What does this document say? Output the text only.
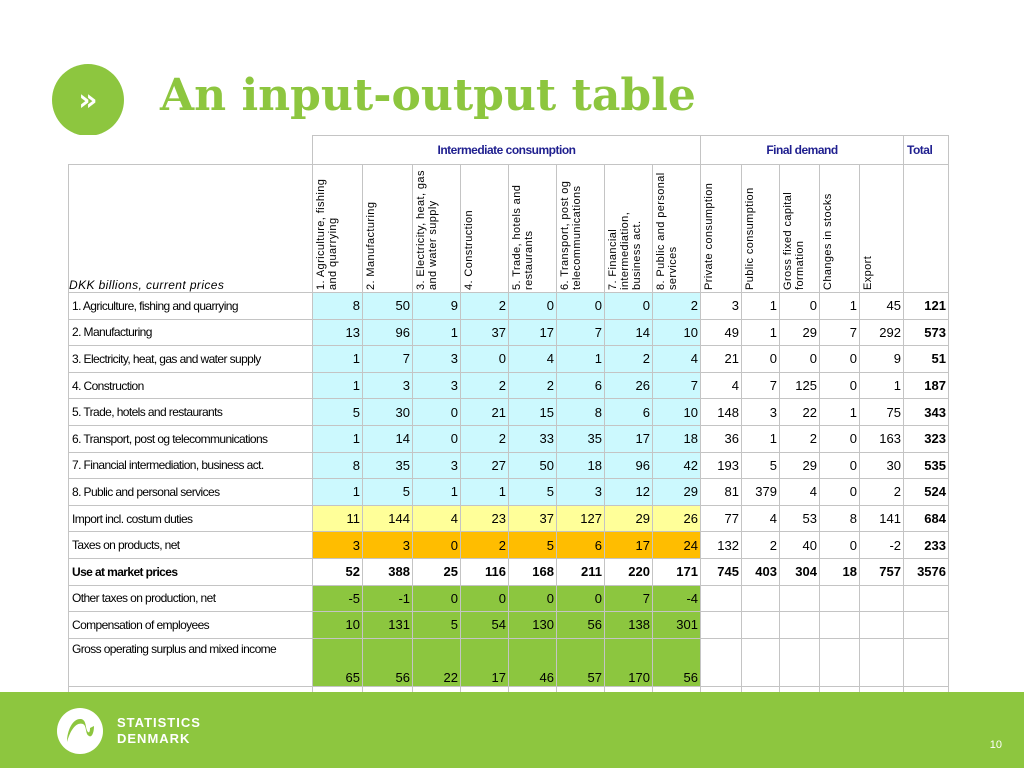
» An input-output table
	Intermediate consumption								Final demand					Total
DKK billions, current prices	1. Agriculture, fishing and quarrying	2. Manufacturing	3. Electricity, heat, gas and water supply	4. Construction	5. Trade, hotels and restaurants	6. Transport, post og telecommunications	7. Financial intermediation, business act.	8. Public and personal services	Private consumption	Public consumption	Gross fixed capital formation	Changes in stocks	Export	

1. Agriculture, fishing and quarrying	8	50	9	2	0	0	0	2	3	1	0	1	45	121
2. Manufacturing	13	96	1	37	17	7	14	10	49	1	29	7	292	573
3. Electricity, heat, gas and water supply	1	7	3	0	4	1	2	4	21	0	0	0	9	51
4. Construction	1	3	3	2	2	6	26	7	4	7	125	0	1	187
5. Trade, hotels and restaurants	5	30	0	21	15	8	6	10	148	3	22	1	75	343
6. Transport, post og telecommunications	1	14	0	2	33	35	17	18	36	1	2	0	163	323
7. Financial intermediation, business act.	8	35	3	27	50	18	96	42	193	5	29	0	30	535
8. Public and personal services	1	5	1	1	5	3	12	29	81	379	4	0	2	524
Import incl. costum duties	11	144	4	23	37	127	29	26	77	4	53	8	141	684
Taxes on products, net	3	3	0	2	5	6	17	24	132	2	40	0	-2	233
Use at market prices	52	388	25	116	168	211	220	171	745	403	304	18	757	3576
Other taxes on production, net	-5	-1	0	0	0	0	7	-4						
Compensation of employees	10	131	5	54	130	56	138	301						
Gross operating surplus and mixed income	65	56	22	17	46	57	170	56						

STATISTICS
DENMARK	10
